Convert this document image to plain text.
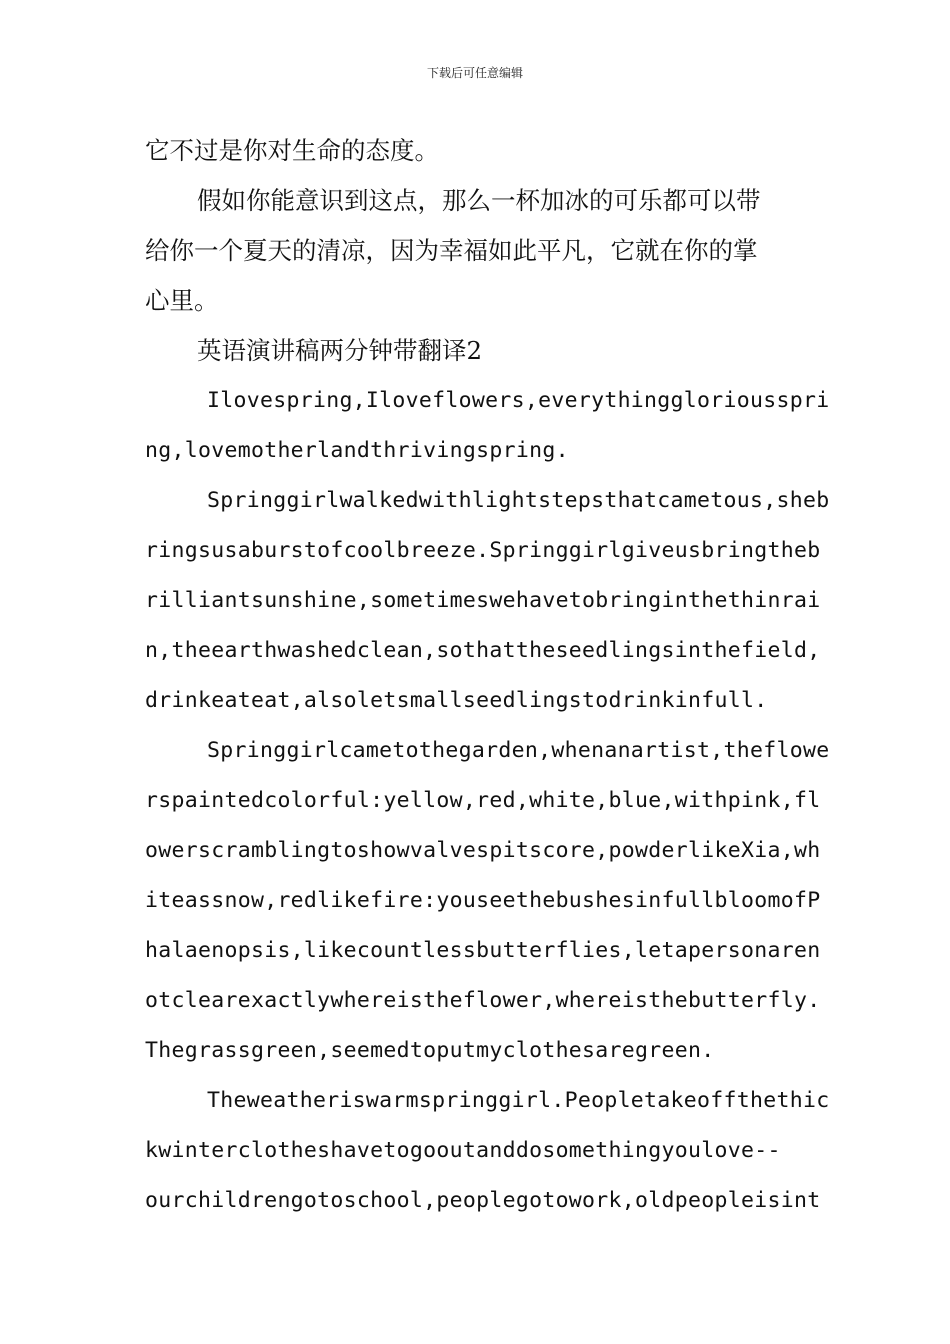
下载后可任意编辑

它不过是你对生命的态度。

假如你能意识到这点，那么一杯加冰的可乐都可以带

给你一个夏天的清凉，因为幸福如此平凡，它就在你的掌

心里。

英语演讲稿两分钟带翻译2

Ilovespring,Iloveflowers,everythinggloriousspri

ng,lovemotherlandthrivingspring.

Springgirlwalkedwithlightstepsthatcametous,sheb

ringsusaburstofcoolbreeze.Springgirlgiveusbringtheb

rilliantsunshine,sometimeswehavetobringinthethinrai

n,theearthwashedclean,sothattheseedlingsinthefield,

drinkeateat,alsoletsmallseedlingstodrinkinfull.

Springgirlcametothegarden,whenanartist,theflowe

rspaintedcolorful:yellow,red,white,blue,withpink,fl

owerscramblingtoshowvalvespitscore,powderlikeXia,wh

iteassnow,redlikefire:youseethebushesinfullbloomofP

halaenopsis,likecountlessbutterflies,letapersonaren

otclearexactlywhereistheflower,whereisthebutterfly.

Thegrassgreen,seemedtoputmyclothesaregreen.

Theweatheriswarmspringgirl.Peopletakeoffthethic

kwinterclotheshavetogooutanddosomethingyoulove--

ourchildrengotoschool,peoplegotowork,oldpeopleisint
